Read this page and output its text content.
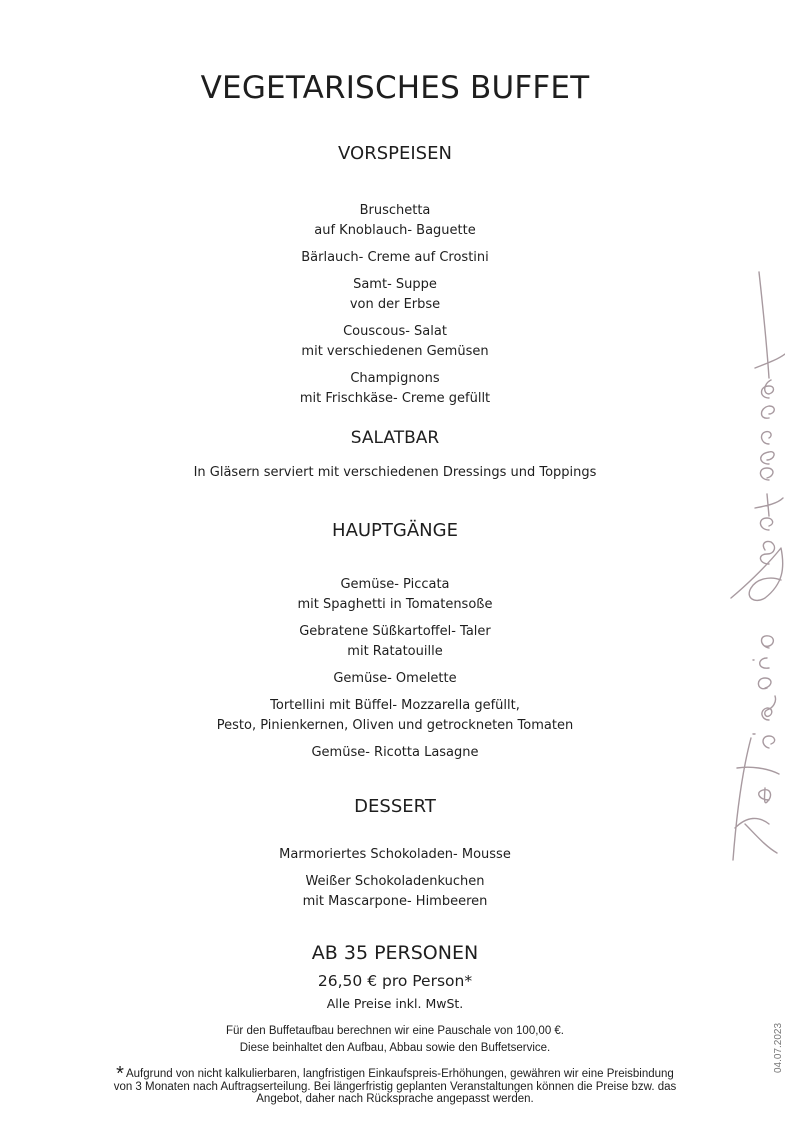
VEGETARISCHES BUFFET
VORSPEISEN
Bruschetta
auf Knoblauch- Baguette
Bärlauch- Creme auf Crostini
Samt- Suppe
von der Erbse
Couscous- Salat
mit verschiedenen Gemüsen
Champignons
mit Frischkäse- Creme gefüllt
SALATBAR
In Gläsern serviert mit verschiedenen Dressings und Toppings
HAUPTGÄNGE
Gemüse- Piccata
mit Spaghetti in Tomatensoße
Gebratene Süßkartoffel- Taler
mit Ratatouille
Gemüse- Omelette
Tortellini mit Büffel- Mozzarella gefüllt,
Pesto, Pinienkernen, Oliven und getrockneten Tomaten
Gemüse- Ricotta Lasagne
DESSERT
Marmoriertes Schokoladen- Mousse
Weißer Schokoladenkuchen
mit Mascarpone- Himbeeren
AB 35 PERSONEN
26,50 € pro Person*
Alle Preise inkl. MwSt.
Für den Buffetaufbau berechnen wir eine Pauschale von 100,00 €.
Diese beinhaltet den Aufbau, Abbau sowie den Buffetservice.
* Aufgrund von nicht kalkulierbaren, langfristigen Einkaufspreis-Erhöhungen, gewähren wir eine Preisbindung von 3 Monaten nach Auftragserteilung. Bei längerfristig geplanten Veranstaltungen können die Preise bzw. das Angebot, daher nach Rücksprache angepasst werden.
04.07.2023
